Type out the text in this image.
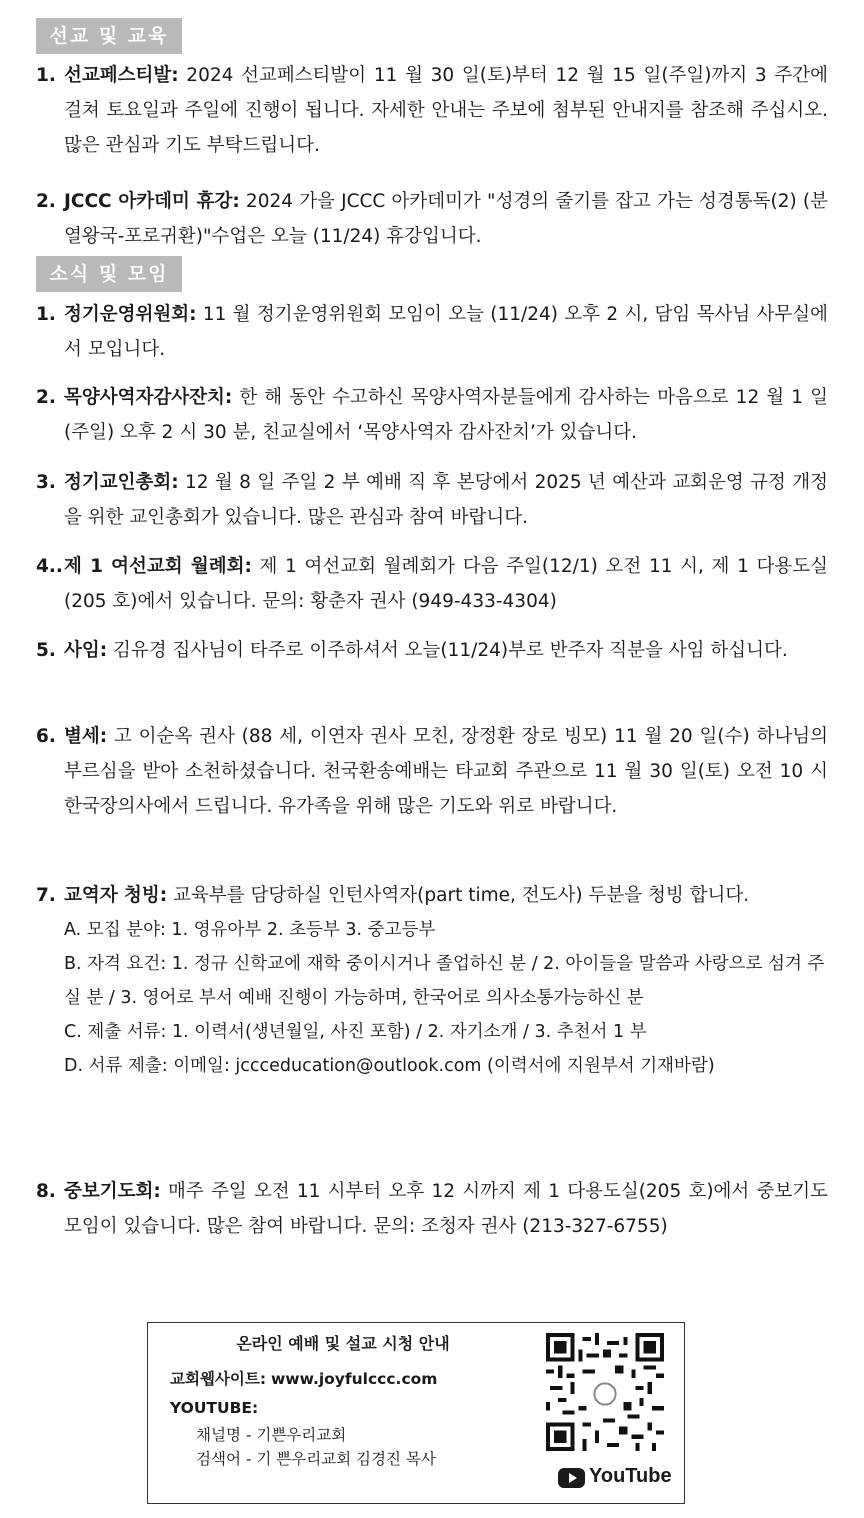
선교 및 교육
1. 선교페스티발: 2024 선교페스티발이 11 월 30 일(토)부터 12 월 15 일(주일)까지 3 주간에 걸쳐 토요일과 주일에 진행이 됩니다. 자세한 안내는 주보에 첨부된 안내지를 참조해 주십시오. 많은 관심과 기도 부탁드립니다.
2. JCCC 아카데미 휴강: 2024 가을 JCCC 아카데미가 "성경의 줄기를 잡고 가는 성경통독(2) (분열왕국-포로귀환)"수업은 오늘 (11/24) 휴강입니다.
소식 및 모임
1. 정기운영위원회: 11 월 정기운영위원회 모임이 오늘 (11/24) 오후 2 시, 담임 목사님 사무실에서 모입니다.
2. 목양사역자감사잔치: 한 해 동안 수고하신 목양사역자분들에게 감사하는 마음으로 12 월 1 일(주일) 오후 2 시 30 분, 친교실에서 ‘목양사역자 감사잔치’가 있습니다.
3. 정기교인총회: 12 월 8 일 주일 2 부 예배 직 후 본당에서 2025 년 예산과 교회운영 규정 개정을 위한 교인총회가 있습니다. 많은 관심과 참여 바랍니다.
4.. 제 1 여선교회 월례회: 제 1 여선교회 월례회가 다음 주일(12/1) 오전 11 시, 제 1 다용도실 (205 호)에서 있습니다. 문의: 황춘자 권사 (949-433-4304)
5. 사임: 김유경 집사님이 타주로 이주하셔서 오늘(11/24)부로 반주자 직분을 사임 하십니다.
6. 별세: 고 이순옥 권사 (88 세, 이연자 권사 모친, 장정환 장로 빙모) 11 월 20 일(수) 하나님의 부르심을 받아 소천하셨습니다. 천국환송예배는 타교회 주관으로 11 월 30 일(토) 오전 10 시 한국장의사에서 드립니다. 유가족을 위해 많은 기도와 위로 바랍니다.
7. 교역자 청빙: 교육부를 담당하실 인턴사역자(part time, 전도사) 두분을 청빙 합니다.
A. 모집 분야: 1. 영유아부 2. 초등부 3. 중고등부
B. 자격 요건: 1. 정규 신학교에 재학 중이시거나 졸업하신 분 / 2. 아이들을 말씀과 사랑으로 섬겨 주실 분 / 3. 영어로 부서 예배 진행이 가능하며, 한국어로 의사소통가능하신 분
C. 제출 서류: 1. 이력서(생년월일, 사진 포함) / 2. 자기소개 / 3. 추천서 1 부
D. 서류 제출: 이메일: jccceducation@outlook.com (이력서에 지원부서 기재바람)
8. 중보기도회: 매주 주일 오전 11 시부터 오후 12 시까지 제 1 다용도실(205 호)에서 중보기도모임이 있습니다. 많은 참여 바랍니다. 문의: 조청자 권사 (213-327-6755)
온라인 예배 및 설교 시청 안내
교회웹사이트: www.joyfulccc.com
YOUTUBE:
채널명 - 기쁜우리교회
검색어 - 기 쁜우리교회 김경진 목사
YouTube
